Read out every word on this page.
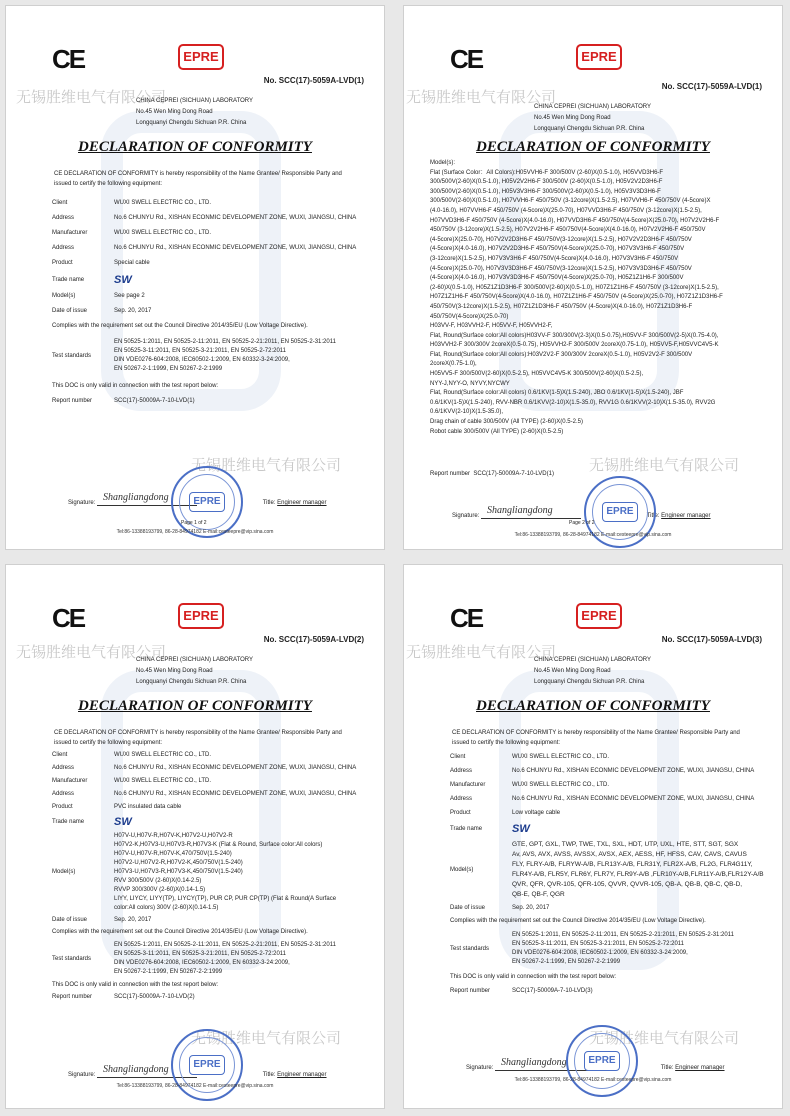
无锡胜维电气有限公司
无锡胜维电气有限公司
CE	EPRE
No. SCC(17)-5059A-LVD(1)
CHINA CEPREI (SICHUAN) LABORATORY
No.45 Wen Ming Dong Road
Longquanyi Chengdu Sichuan P.R. China
DECLARATION OF CONFORMITY
CE DECLARATION OF CONFORMITY is hereby responsibility of the Name Grantee/ Responsible Party and issued to certify the following equipment:
Client	WUXI SWELL ELECTRIC CO., LTD.
Address	No.6 CHUNYU Rd., XISHAN ECONMIC DEVELOPMENT ZONE, WUXI, JIANGSU, CHINA
Manufacturer	WUXI SWELL ELECTRIC CO., LTD.
Address	No.6 CHUNYU Rd., XISHAN ECONMIC DEVELOPMENT ZONE, WUXI, JIANGSU, CHINA
Product	Special cable
Trade name	SW
Model(s)	See page 2
Date of issue	Sep. 20, 2017
Complies with the requirement set out the Council Directive 2014/35/EU (Low Voltage Directive).
Test standards
EN 50525-1:2011, EN 50525-2-11:2011, EN 50525-2-21:2011, EN 50525-2-31:2011
EN 50525-3-11:2011, EN 50525-3-21:2011, EN 50525-2-72:2011
DIN VDE0276-604:2008, IEC60502-1:2009, EN 60332-3-24:2009,
EN 50267-2-1:1999, EN 50267-2-2:1999
This DOC is only valid in connection with the test report below:
Report number	SCC(17)-50009A-7-10-LVD(1)
Signature: Shangliangdong	Title: Engineer manager
EPRE
Page 1 of 2
Tel:86-13388193799, 86-28-84974182 E-mail:cesteepre@vip.sina.com
无锡胜维电气有限公司
无锡胜维电气有限公司
CE	EPRE
No. SCC(17)-5059A-LVD(1)
CHINA CEPREI (SICHUAN) LABORATORY
No.45 Wen Ming Dong Road
Longquanyi Chengdu Sichuan P.R. China
DECLARATION OF CONFORMITY
Model(s):
Flat (Surface Color：All Colors):H05VVH6-F 300/500V (2-60)X(0.5-1.0), H05VVD3H6-F
300/500V(2-60)X(0.5-1.0), H05V2V2H6-F 300/500V (2-60)X(0.5-1.0), H05V2V2D3H6-F
300/500V(2-60)X(0.5-1.0), H05V3V3H6-F 300/500V(2-60)X(0.5-1.0), H05V3V3D3H6-F
300/500V(2-60)X(0.5-1.0), H07VVH6-F 450/750V (3-12core)X(1.5-2.5), H07VVH6-F 450/750V (4-5core)X
(4.0-16.0), H07VVH6-F 450/750V (4-5core)X(25.0-70), H07VVD3H6-F 450/750V (3-12core)X(1.5-2.5),
H07VVD3H6-F 450/750V (4-5core)X(4.0-16.0), H07VVD3H6-F 450/750V(4-5core)X(25.0-70), H07V2V2H6-F
450/750V (3-12core)X(1.5-2.5), H07V2V2H6-F 450/750V(4-5core)X(4.0-16.0), H07V2V2H6-F 450/750V
(4-5core)X(25.0-70), H07V2V2D3H6-F 450/750V(3-12core)X(1.5-2.5), H07V2V2D3H6-F 450/750V
(4-5core)X(4.0-16.0), H07V2V2D3H6-F 450/750V(4-5core)X(25.0-70), H07V3V3H6-F 450/750V
(3-12core)X(1.5-2.5), H07V3V3H6-F 450/750V(4-5core)X(4.0-16.0), H07V3V3H6-F 450/750V
(4-5core)X(25.0-70), H07V3V3D3H6-F 450/750V(3-12core)X(1.5-2.5), H07V3V3D3H6-F 450/750V
(4-5core)X(4.0-16.0), H07V3V3D3H6-F 450/750V(4-5core)X(25.0-70), H05Z1Z1H6-F 300/500V
(2-60)X(0.5-1.0), H05Z1Z1D3H6-F 300/500V(2-60)X(0.5-1.0), H07Z1Z1H6-F 450/750V (3-12core)X(1.5-2.5),
H07Z1Z1H6-F 450/750V(4-5core)X(4.0-16.0), H07Z1Z1H6-F 450/750V (4-5core)X(25.0-70), H07Z1Z1D3H6-F
450/750V(3-12core)X(1.5-2.5), H07Z1Z1D3H6-F 450/750V (4-5core)X(4.0-16.0), H07Z1Z1D3H6-F
450/750V(4-5core)X(25.0-70)
H03VV-F, H03VVH2-F, H05VV-F, H05VVH2-F,
Flat, Round(Surface color:All colors)H03VV-F 300/300V(2-3)X(0.5-0.75),H05VV-F 300/500V(2-5)X(0.75-4.0),
H03VVH2-F 300/300V 2coreX(0.5-0.75), H05VVH2-F 300/500V 2coreX(0.75-1.0), H05VV5-F,H05VVC4V5-K
Flat, Round(Surface color:All colors):H03V2V2-F 300/300V 2coreX(0.5-1.0), H05V2V2-F 300/500V
2coreX(0.75-1.0),
H05VV5-F 300/500V(2-60)X(0.5-2.5), H05VVC4V5-K 300/500V(2-60)X(0.5-2.5),
NYY-J,NYY-O, NYVY,NYCWY
Flat, Round(Surface color:All colors) 0.6/1KV(1-5)X(1.5-240), JBO 0.6/1KV(1-5)X(1.5-240), JBF
0.6/1KV(1-5)X(1.5-240), RVV-NBR 0.6/1KVV(2-10)X(1.5-35.0), RVV1G 0.6/1KVV(2-10)X(1.5-35.0), RVV2G
0.6/1KVV(2-10)X(1.5-35.0),
Drag chain of cable 300/500V (All TYPE) (2-60)X(0.5-2.5)
Robot cable 300/500V (All TYPE) (2-60)X(0.5-2.5)
Report number SCC(17)-50009A-7-10-LVD(1)
Signature: Shangliangdong	Title: Engineer manager
EPRE
Page 2 of 2
Tel:86-13388193799, 86-28-84974182 E-mail:cesteepre@vip.sina.com
无锡胜维电气有限公司
无锡胜维电气有限公司
CE	EPRE
No. SCC(17)-5059A-LVD(2)
CHINA CEPREI (SICHUAN) LABORATORY
No.45 Wen Ming Dong Road
Longquanyi Chengdu Sichuan P.R. China
DECLARATION OF CONFORMITY
CE DECLARATION OF CONFORMITY is hereby responsibility of the Name Grantee/ Responsible Party and issued to certify the following equipment:
Client	WUXI SWELL ELECTRIC CO., LTD.
Address	No.6 CHUNYU Rd., XISHAN ECONMIC DEVELOPMENT ZONE, WUXI, JIANGSU, CHINA
Manufacturer	WUXI SWELL ELECTRIC CO., LTD.
Address	No.6 CHUNYU Rd., XISHAN ECONMIC DEVELOPMENT ZONE, WUXI, JIANGSU, CHINA
Product	PVC insulated data cable
Trade name	SW
Model(s)
H07V-U,H07V-R,H07V-K,H07V2-U,H07V2-R
H07V2-K,H07V3-U,H07V3-R,H07V3-K (Flat & Round, Surface color:All colors)
H07V-U,H07V-R,H07V-K,470/750V(1.5-240)
H07V2-U,H07V2-R,H07V2-K,450/750V(1.5-240)
H07V3-U,H07V3-R,H07V3-K,450/750V(1.5-240)
RVV 300/500V (2-60)X(0.14-2.5)
RVVP 300/300V (2-60)X(0.14-1.5)
LIYY, LIYCY, LIYY(TP), LIYCY(TP), PUR CP, PUR CP(TP) (Flat & Round(A Surface
color:All colors) 300V (2-60)X(0.14-1.5)
Date of issue	Sep. 20, 2017
Complies with the requirement set out the Council Directive 2014/35/EU (Low Voltage Directive).
Test standards
EN 50525-1:2011, EN 50525-2-11:2011, EN 50525-2-21:2011, EN 50525-2-31:2011
EN 50525-3-11:2011, EN 50525-3-21:2011, EN 50525-2-72:2011
DIN VDE0276-604:2008, IEC60502-1:2009, EN 60332-3-24:2009,
EN 50267-2-1:1999, EN 50267-2-2:1999
This DOC is only valid in connection with the test report below:
Report number	SCC(17)-50009A-7-10-LVD(2)
Signature: Shangliangdong	Title: Engineer manager
EPRE
Tel:86-13388193799, 86-28-84974182 E-mail:cesteepre@vip.sina.com
无锡胜维电气有限公司
无锡胜维电气有限公司
CE	EPRE
No. SCC(17)-5059A-LVD(3)
CHINA CEPREI (SICHUAN) LABORATORY
No.45 Wen Ming Dong Road
Longquanyi Chengdu Sichuan P.R. China
DECLARATION OF CONFORMITY
CE DECLARATION OF CONFORMITY is hereby responsibility of the Name Grantee/ Responsible Party and issued to certify the following equipment:
Client	WUXI SWELL ELECTRIC CO., LTD.
Address	No.6 CHUNYU Rd., XISHAN ECONMIC DEVELOPMENT ZONE, WUXI, JIANGSU, CHINA
Manufacturer	WUXI SWELL ELECTRIC CO., LTD.
Address	No.6 CHUNYU Rd., XISHAN ECONMIC DEVELOPMENT ZONE, WUXI, JIANGSU, CHINA
Product	Low voltage cable
Trade name	SW
Model(s)
GTE, GPT, GXL, TWP, TWE, TXL, SXL, HDT, UTP, UXL, HTE, STT, SGT, SGX
Av, AVS, AVX, AVSS, AVSSX, AVSX, AEX, AESS, HF, HFSS, CAV, CAVS, CAVUS
FLY, FLRY-A/B, FLRYW-A/B, FLR13Y-A/B, FLR31Y, FLR2X-A/B, FL2G, FLR4G11Y,
FLR4Y-A/B, FLR5Y, FLR6Y, FLR7Y, FLR9Y-A/B ,FLR10Y-A/B,FLR11Y-A/B,FLR12Y-A/B
QVR, QFR, QVR-105, QFR-105, QVVR, QVVR-105, QB-A, QB-B, QB-C, QB-D,
QB-E, QB-F, QGR
Date of issue	Sep. 20, 2017
Complies with the requirement set out the Council Directive 2014/35/EU (Low Voltage Directive).
Test standards
EN 50525-1:2011, EN 50525-2-11:2011, EN 50525-2-21:2011, EN 50525-2-31:2011
EN 50525-3-11:2011, EN 50525-3-21:2011, EN 50525-2-72:2011
DIN VDE0276-604:2008, IEC60502-1:2009, EN 60332-3-24:2009,
EN 50267-2-1:1999, EN 50267-2-2:1999
This DOC is only valid in connection with the test report below:
Report number	SCC(17)-50009A-7-10-LVD(3)
Signature: Shangliangdong	Title: Engineer manager
EPRE
Tel:86-13388193799, 86-28-84974182 E-mail:cesteepre@vip.sina.com
